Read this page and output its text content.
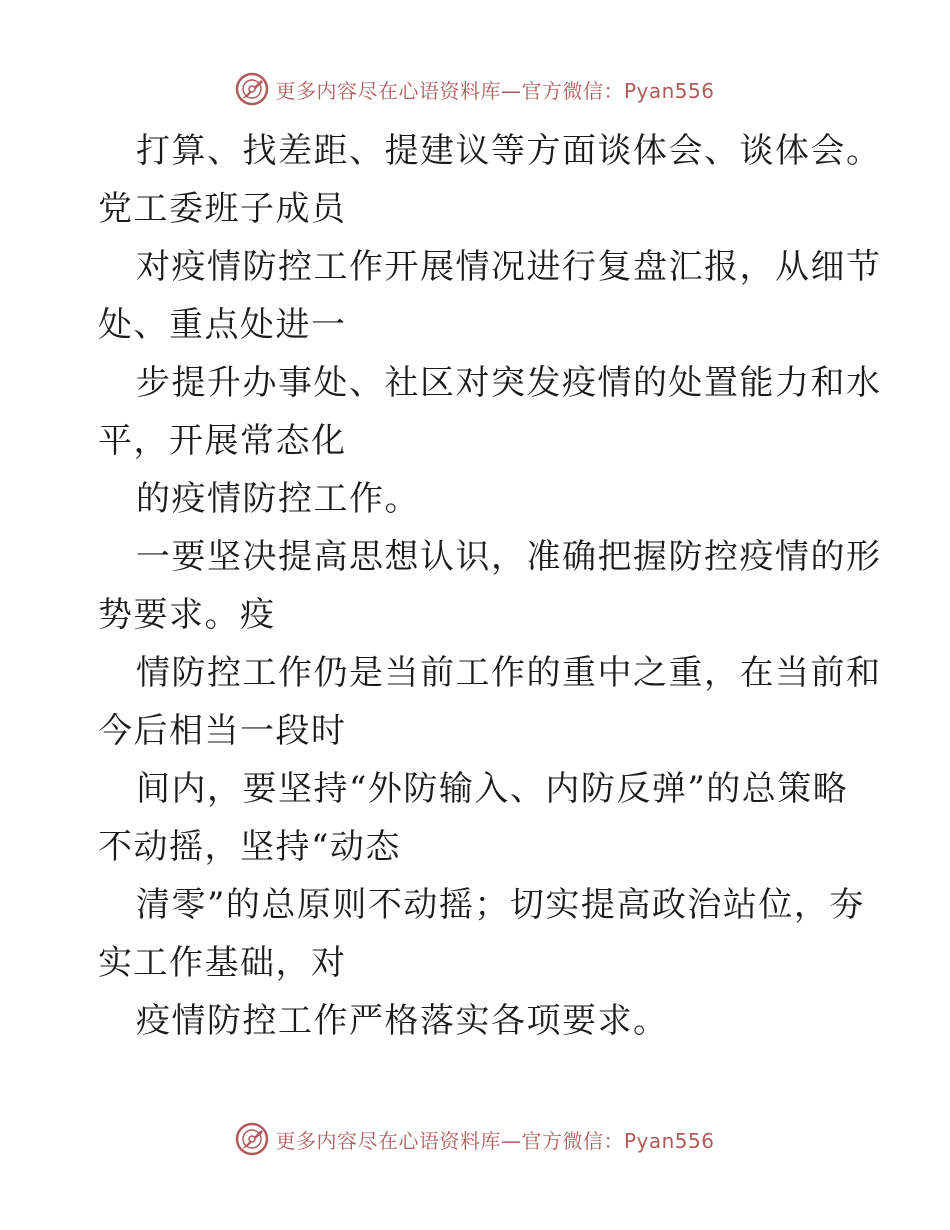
更多内容尽在心语资料库—官方微信：Pyan556
打算、找差距、提建议等方面谈体会、谈体会。
党工委班子成员
对疫情防控工作开展情况进行复盘汇报，从细节
处、重点处进一
步提升办事处、社区对突发疫情的处置能力和水
平，开展常态化
的疫情防控工作。
一要坚决提高思想认识，准确把握防控疫情的形
势要求。疫
情防控工作仍是当前工作的重中之重，在当前和
今后相当一段时
间内，要坚持“外防输入、内防反弹”的总策略
不动摇，坚持“动态
清零”的总原则不动摇；切实提高政治站位，夯
实工作基础，对
疫情防控工作严格落实各项要求。
更多内容尽在心语资料库—官方微信：Pyan556
